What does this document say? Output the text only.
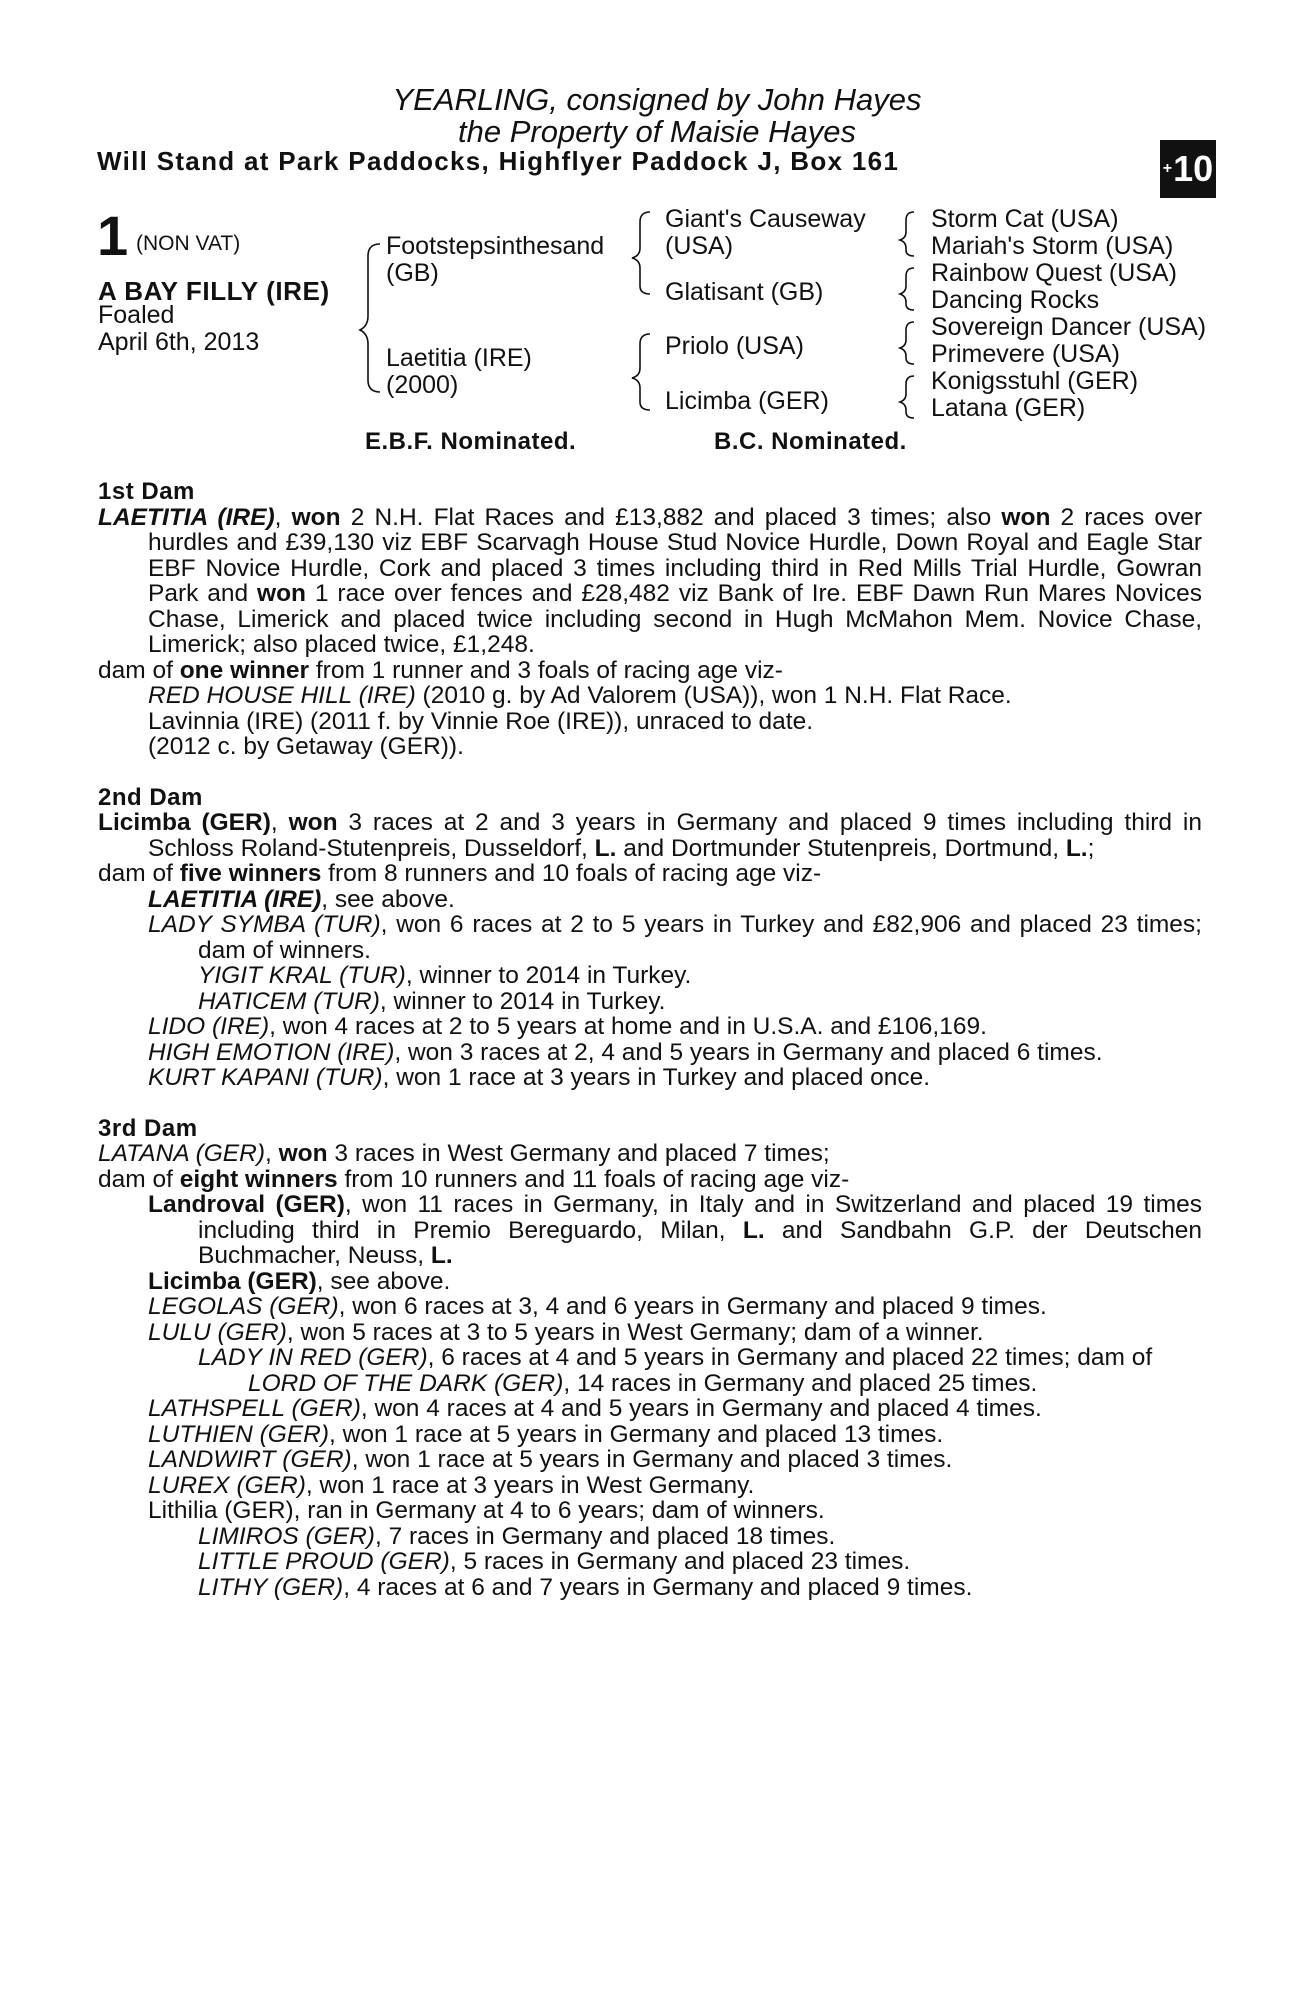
YEARLING, consigned by John Hayes
the Property of Maisie Hayes
Will Stand at Park Paddocks, Highflyer Paddock J, Box 161	+ 10
1 (NON VAT)
A BAY FILLY (IRE)
Foaled
April 6th, 2013
Footstepsinthesand
(GB)
Laetitia (IRE)
(2000)
Giant's Causeway
(USA)
Glatisant (GB)
Priolo (USA)
Licimba (GER)
Storm Cat (USA)
Mariah's Storm (USA)
Rainbow Quest (USA)
Dancing Rocks
Sovereign Dancer (USA)
Primevere (USA)
Konigsstuhl (GER)
Latana (GER)
E.B.F. Nominated.	B.C. Nominated.
1st Dam
LAETITIA (IRE), won 2 N.H. Flat Races and £13,882 and placed 3 times; also won 2 races over hurdles and £39,130 viz EBF Scarvagh House Stud Novice Hurdle, Down Royal and Eagle Star EBF Novice Hurdle, Cork and placed 3 times including third in Red Mills Trial Hurdle, Gowran Park and won 1 race over fences and £28,482 viz Bank of Ire. EBF Dawn Run Mares Novices Chase, Limerick and placed twice including second in Hugh McMahon Mem. Novice Chase, Limerick; also placed twice, £1,248.
dam of one winner from 1 runner and 3 foals of racing age viz-
RED HOUSE HILL (IRE) (2010 g. by Ad Valorem (USA)), won 1 N.H. Flat Race.
Lavinnia (IRE) (2011 f. by Vinnie Roe (IRE)), unraced to date.
(2012 c. by Getaway (GER)).
2nd Dam
Licimba (GER), won 3 races at 2 and 3 years in Germany and placed 9 times including third in Schloss Roland-Stutenpreis, Dusseldorf, L. and Dortmunder Stutenpreis, Dortmund, L.;
dam of five winners from 8 runners and 10 foals of racing age viz-
LAETITIA (IRE), see above.
LADY SYMBA (TUR), won 6 races at 2 to 5 years in Turkey and £82,906 and placed 23 times; dam of winners.
YIGIT KRAL (TUR), winner to 2014 in Turkey.
HATICEM (TUR), winner to 2014 in Turkey.
LIDO (IRE), won 4 races at 2 to 5 years at home and in U.S.A. and £106,169.
HIGH EMOTION (IRE), won 3 races at 2, 4 and 5 years in Germany and placed 6 times.
KURT KAPANI (TUR), won 1 race at 3 years in Turkey and placed once.
3rd Dam
LATANA (GER), won 3 races in West Germany and placed 7 times;
dam of eight winners from 10 runners and 11 foals of racing age viz-
Landroval (GER), won 11 races in Germany, in Italy and in Switzerland and placed 19 times including third in Premio Bereguardo, Milan, L. and Sandbahn G.P. der Deutschen Buchmacher, Neuss, L.
Licimba (GER), see above.
LEGOLAS (GER), won 6 races at 3, 4 and 6 years in Germany and placed 9 times.
LULU (GER), won 5 races at 3 to 5 years in West Germany; dam of a winner.
LADY IN RED (GER), 6 races at 4 and 5 years in Germany and placed 22 times; dam of
LORD OF THE DARK (GER), 14 races in Germany and placed 25 times.
LATHSPELL (GER), won 4 races at 4 and 5 years in Germany and placed 4 times.
LUTHIEN (GER), won 1 race at 5 years in Germany and placed 13 times.
LANDWIRT (GER), won 1 race at 5 years in Germany and placed 3 times.
LUREX (GER), won 1 race at 3 years in West Germany.
Lithilia (GER), ran in Germany at 4 to 6 years; dam of winners.
LIMIROS (GER), 7 races in Germany and placed 18 times.
LITTLE PROUD (GER), 5 races in Germany and placed 23 times.
LITHY (GER), 4 races at 6 and 7 years in Germany and placed 9 times.
